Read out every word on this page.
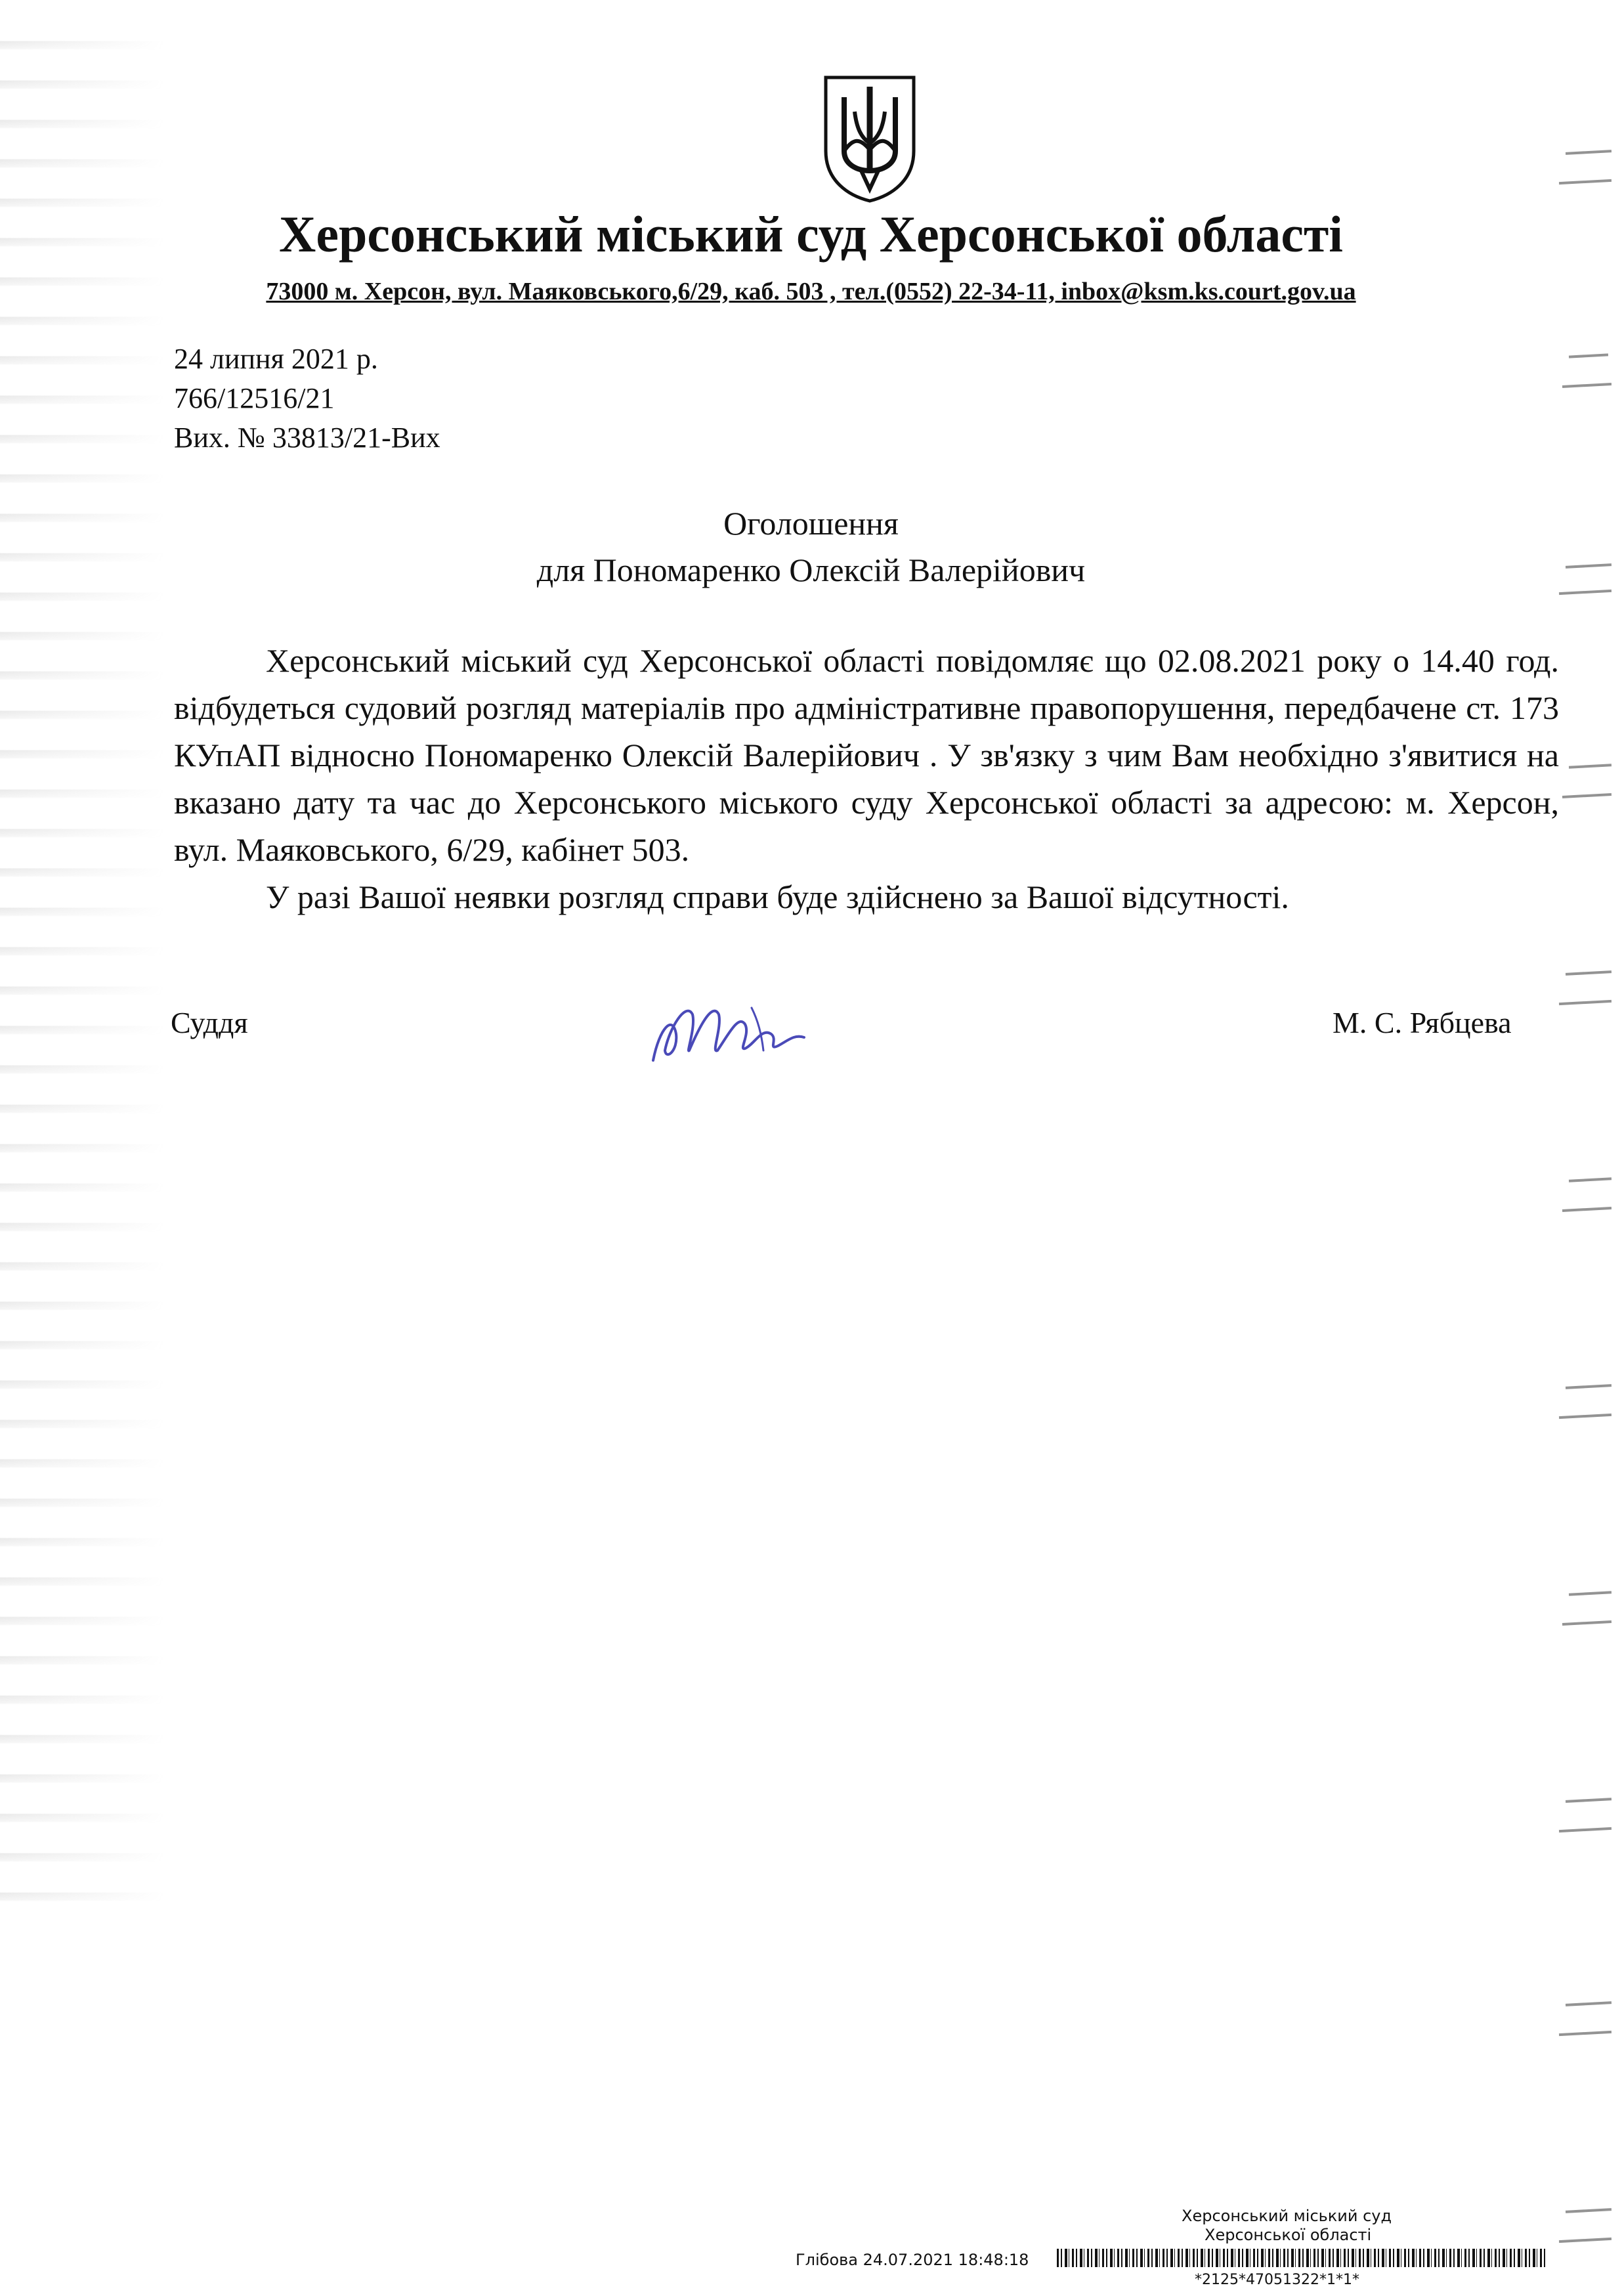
Херсонський міський суд Херсонської області
73000 м. Херсон, вул. Маяковського,6/29, каб. 503 , тел.(0552) 22-34-11, inbox@ksm.ks.court.gov.ua
24 липня 2021 р.
766/12516/21
Вих. № 33813/21-Вих
Оголошення
для Пономаренко Олексій Валерійович

Херсонський міський суд Херсонської області повідомляє що 02.08.2021 року о 14.40 год. відбудеться судовий розгляд матеріалів про адміністративне правопорушення, передбачене ст. 173 КУпАП відносно Пономаренко Олексій Валерійович . У зв'язку з чим Вам необхідно з'явитися на вказано дату та час до Херсонського міського суду Херсонської області за адресою: м. Херсон, вул. Маяковського, 6/29, кабінет 503.

У разі Вашої неявки розгляд справи буде здійснено за Вашої відсутності.

Суддя	М. С. Рябцева
Херсонський міський суд
Херсонської області
Глібова 24.07.2021 18:48:18
*2125*47051322*1*1*
